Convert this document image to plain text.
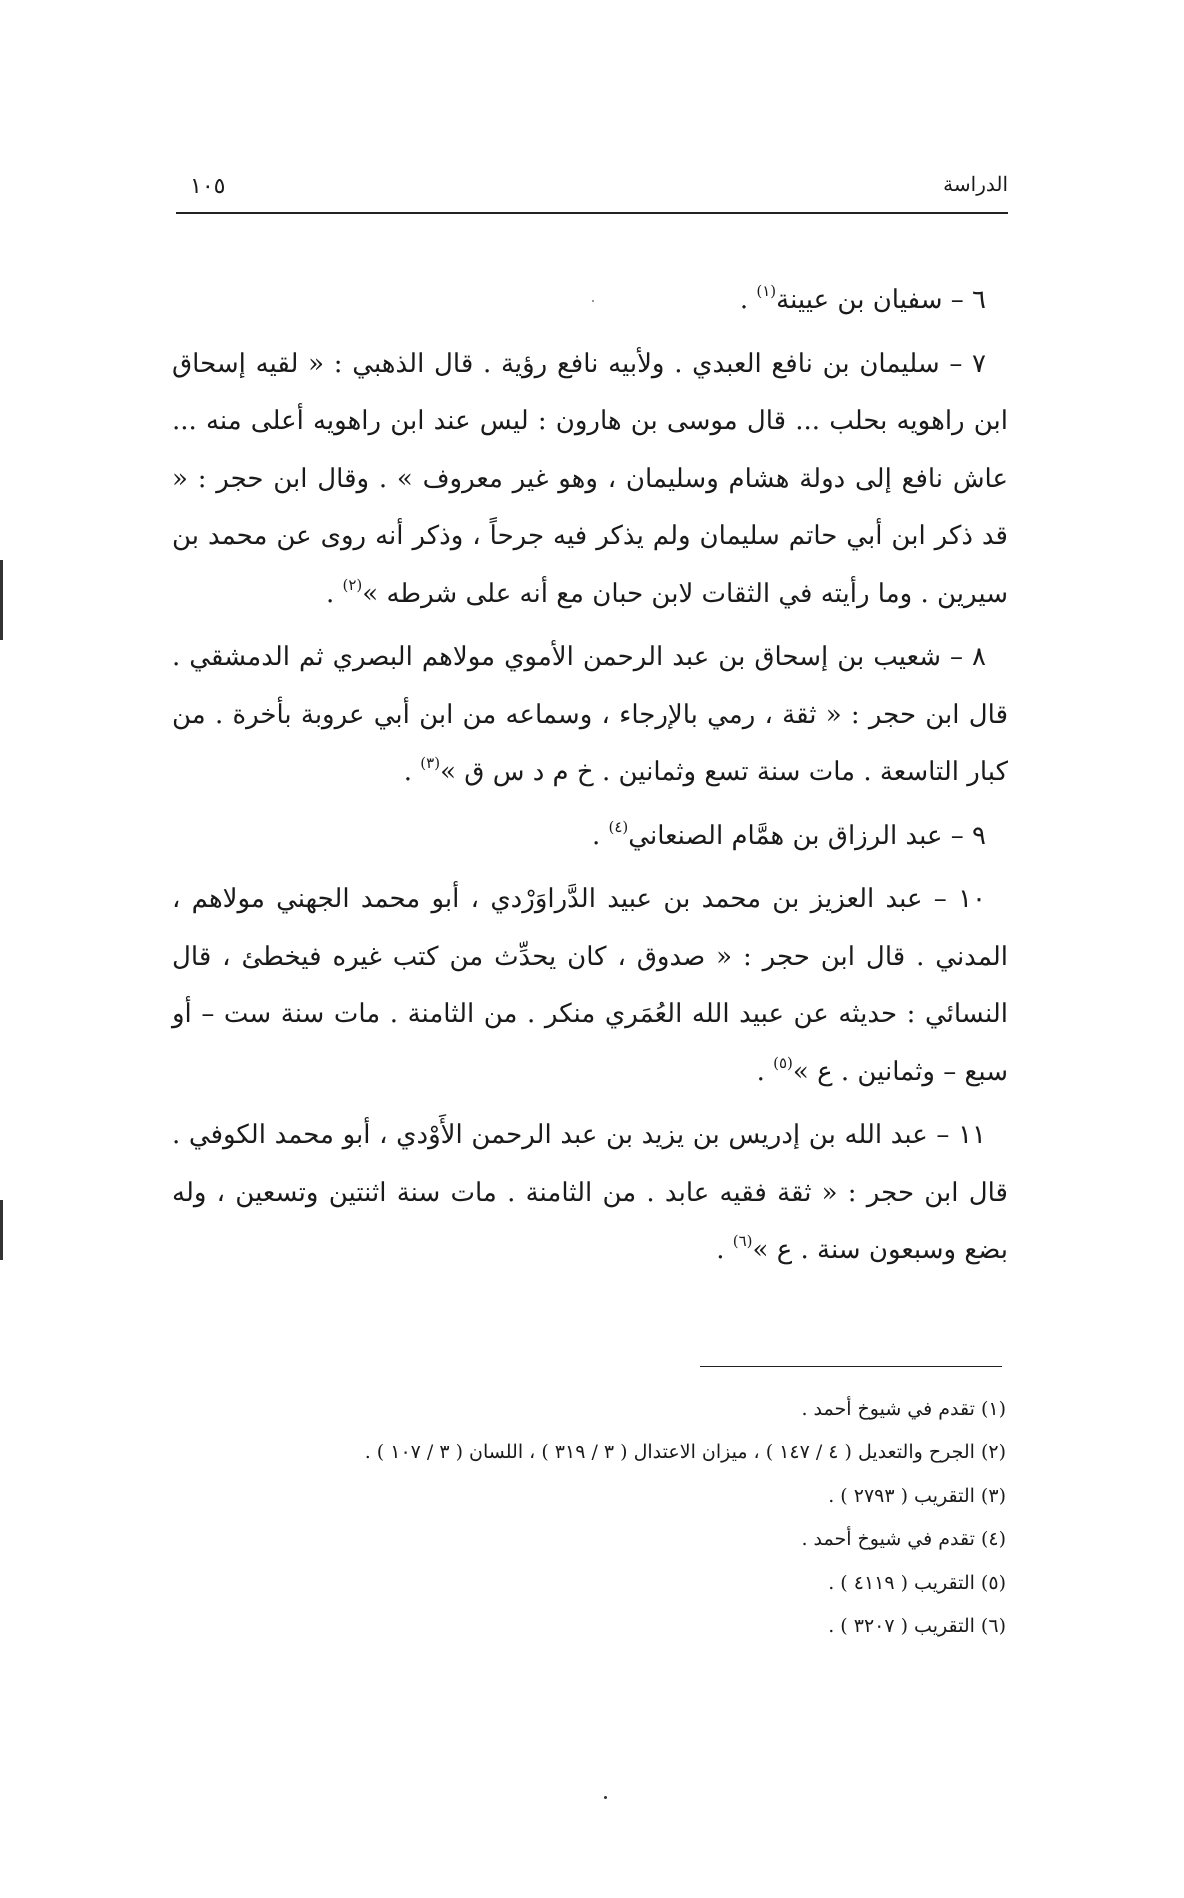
الدراسة
١٠٥

٦ – سفيان بن عيينة$^{(١)}$ .

٧ – سليمان بن نافع العبدي . ولأبيه نافع رؤية . قال الذهبي : « لقيه إسحاق ابن راهويه بحلب ... قال موسى بن هارون : ليس عند ابن راهويه أعلى منه ... عاش نافع إلى دولة هشام وسليمان ، وهو غير معروف » . وقال ابن حجر : « قد ذكر ابن أبي حاتم سليمان ولم يذكر فيه جرحاً ، وذكر أنه روى عن محمد بن سيرين . وما رأيته في الثقات لابن حبان مع أنه على شرطه »$^{(٢)}$ .

٨ – شعيب بن إسحاق بن عبد الرحمن الأموي مولاهم البصري ثم الدمشقي . قال ابن حجر : « ثقة ، رمي بالإرجاء ، وسماعه من ابن أبي عروبة بأخرة . من كبار التاسعة . مات سنة تسع وثمانين . خ م د س ق »$^{(٣)}$ .

٩ – عبد الرزاق بن همَّام الصنعاني$^{(٤)}$ .

١٠ – عبد العزيز بن محمد بن عبيد الدَّراوَرْدي ، أبو محمد الجهني مولاهم ، المدني . قال ابن حجر : « صدوق ، كان يحدِّث من كتب غيره فيخطئ ، قال النسائي : حديثه عن عبيد الله العُمَري منكر . من الثامنة . مات سنة ست – أو سبع – وثمانين . ع »$^{(٥)}$ .

١١ – عبد الله بن إدريس بن يزيد بن عبد الرحمن الأَوْدي ، أبو محمد الكوفي . قال ابن حجر : « ثقة فقيه عابد . من الثامنة . مات سنة اثنتين وتسعين ، وله بضع وسبعون سنة . ع »$^{(٦)}$ .

(١) تقدم في شيوخ أحمد .
(٢) الجرح والتعديل ( ٤ / ١٤٧ ) ، ميزان الاعتدال ( ٣ / ٣١٩ ) ، اللسان ( ٣ / ١٠٧ ) .
(٣) التقريب ( ٢٧٩٣ ) .
(٤) تقدم في شيوخ أحمد .
(٥) التقريب ( ٤١١٩ ) .
(٦) التقريب ( ٣٢٠٧ ) .
